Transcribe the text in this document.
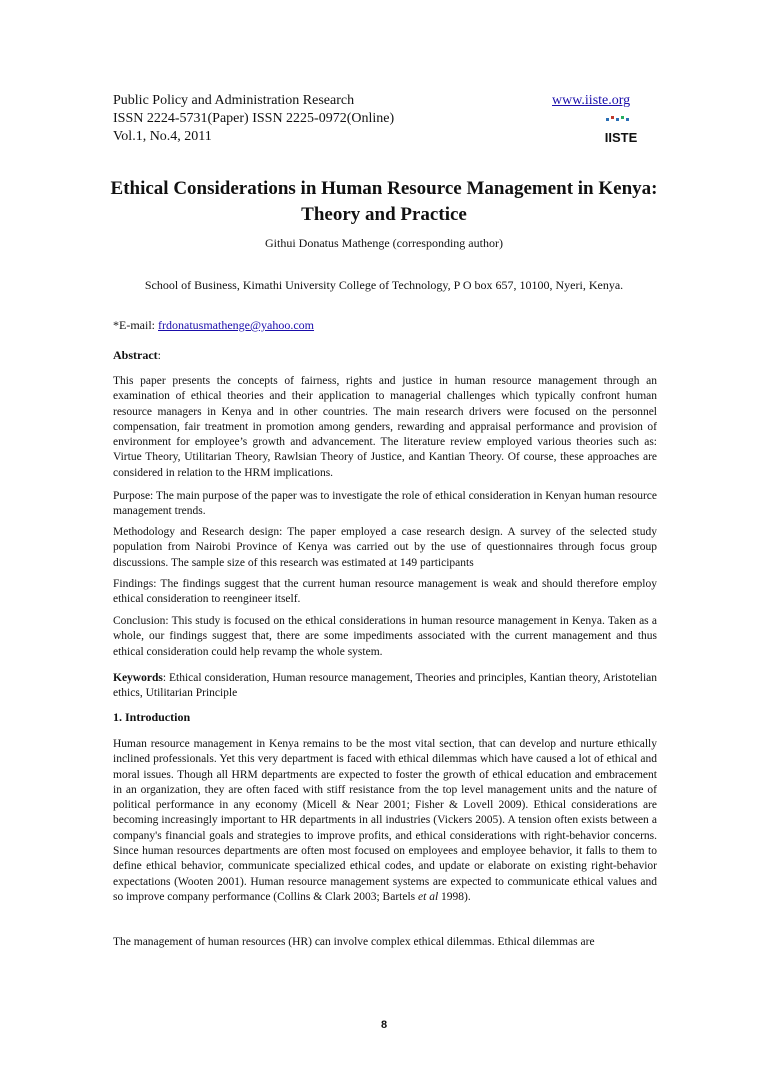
Public Policy and Administration Research	www.iiste.org
ISSN 2224-5731(Paper) ISSN 2225-0972(Online)
Vol.1, No.4, 2011	IISTE
Ethical Considerations in Human Resource Management in Kenya: Theory and Practice
Githui Donatus Mathenge (corresponding author)
School of Business, Kimathi University College of Technology, P O box 657, 10100, Nyeri, Kenya.
*E-mail: frdonatusmathenge@yahoo.com
Abstract:
This paper presents the concepts of fairness, rights and justice in human resource management through an examination of ethical theories and their application to managerial challenges which typically confront human resource managers in Kenya and in other countries. The main research drivers were focused on the personnel compensation, fair treatment in promotion among genders, rewarding and appraisal performance and provision of environment for employee’s growth and advancement. The literature review employed various theories such as: Virtue Theory, Utilitarian Theory, Rawlsian Theory of Justice, and Kantian Theory. Of course, these approaches are considered in relation to the HRM implications.
Purpose: The main purpose of the paper was to investigate the role of ethical consideration in Kenyan human resource management trends.
Methodology and Research design: The paper employed a case research design. A survey of the selected study population from Nairobi Province of Kenya was carried out by the use of questionnaires through focus group discussions. The sample size of this research was estimated at 149 participants
Findings: The findings suggest that the current human resource management is weak and should therefore employ ethical consideration to reengineer itself.
Conclusion: This study is focused on the ethical considerations in human resource management in Kenya. Taken as a whole, our findings suggest that, there are some impediments associated with the current management and thus ethical consideration could help revamp the whole system.
Keywords: Ethical consideration, Human resource management, Theories and principles, Kantian theory, Aristotelian ethics, Utilitarian Principle
1. Introduction
Human resource management in Kenya remains to be the most vital section, that can develop and nurture ethically inclined professionals. Yet this very department is faced with ethical dilemmas which have caused a lot of ethical and moral issues. Though all HRM departments are expected to foster the growth of ethical education and embracement in an organization, they are often faced with stiff resistance from the top level management units and the nature of political performance in any economy (Micell & Near 2001; Fisher & Lovell 2009). Ethical considerations are becoming increasingly important to HR departments in all industries (Vickers 2005). A tension often exists between a company's financial goals and strategies to improve profits, and ethical considerations with right-behavior concerns. Since human resources departments are often most focused on employees and employee behavior, it falls to them to define ethical behavior, communicate specialized ethical codes, and update or elaborate on existing right-behavior expectations (Wooten 2001). Human resource management systems are expected to communicate ethical values and so improve company performance (Collins & Clark 2003; Bartels et al 1998).
The management of human resources (HR) can involve complex ethical dilemmas. Ethical dilemmas are
8
